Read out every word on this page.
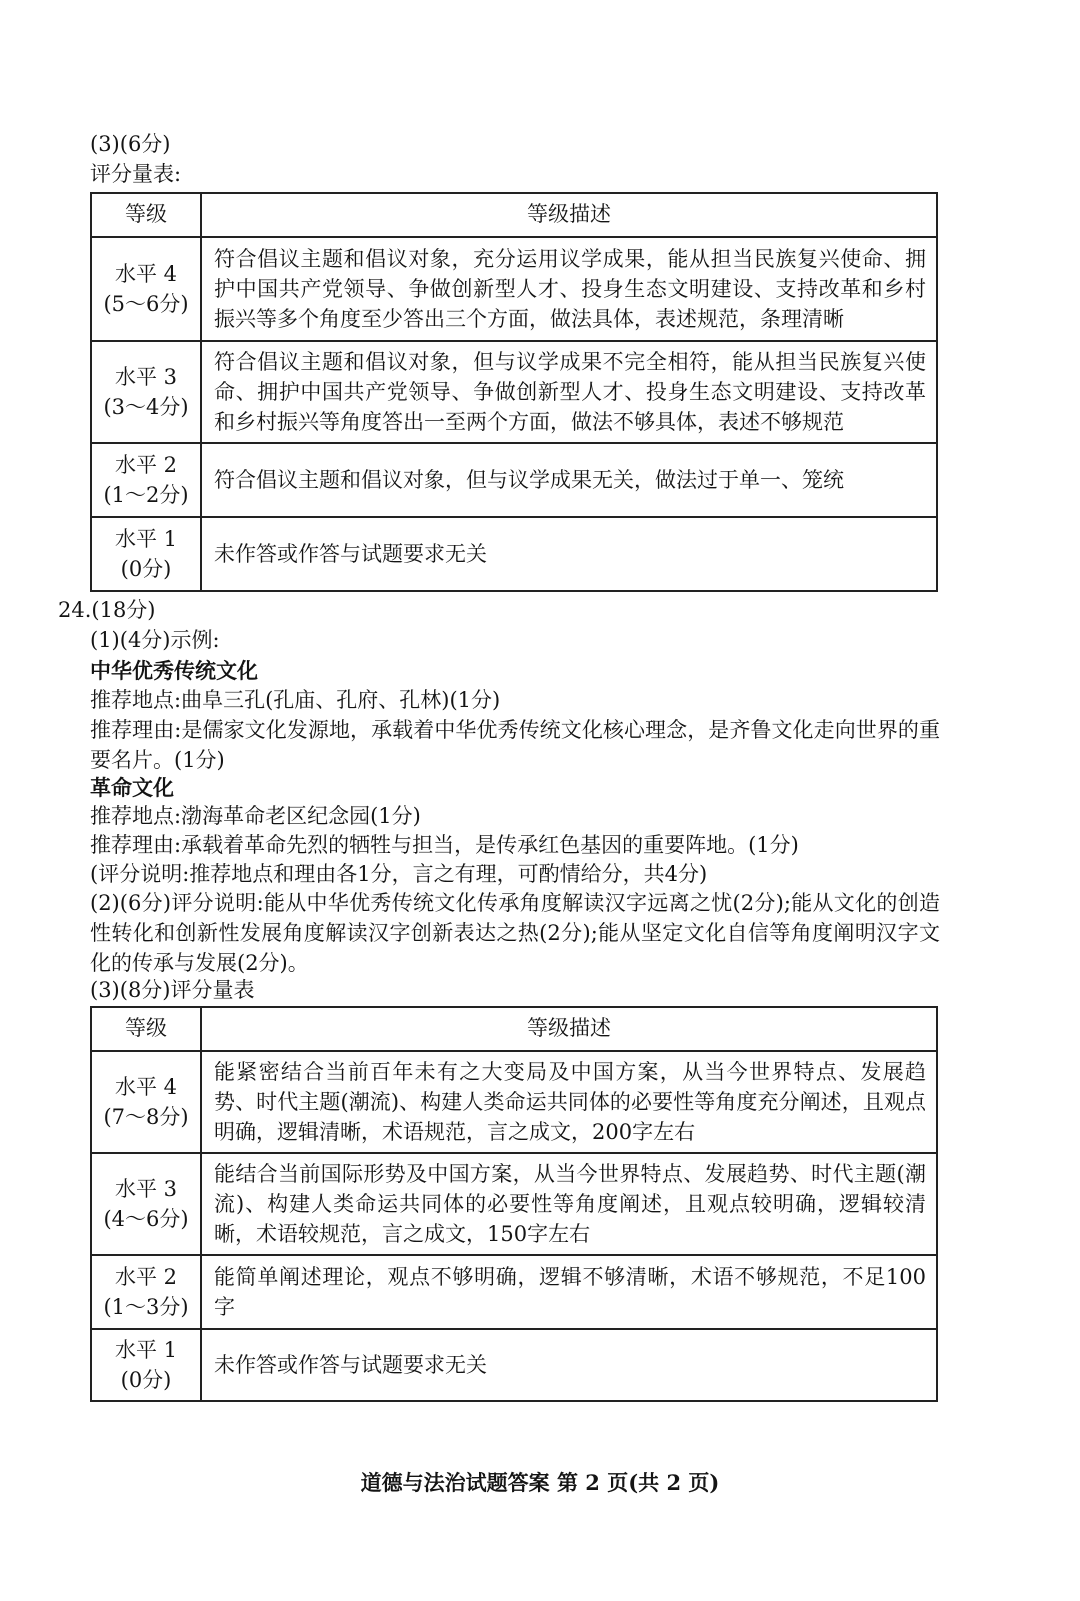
(3)(6分)
评分量表:
等级	等级描述

水平 4
(5～6分)	符合倡议主题和倡议对象，充分运用议学成果，能从担当民族复兴使命、拥护中国共产党领导、争做创新型人才、投身生态文明建设、支持改革和乡村振兴等多个角度至少答出三个方面，做法具体，表述规范，条理清晰

水平 3
(3～4分)	符合倡议主题和倡议对象，但与议学成果不完全相符，能从担当民族复兴使命、拥护中国共产党领导、争做创新型人才、投身生态文明建设、支持改革和乡村振兴等角度答出一至两个方面，做法不够具体，表述不够规范

水平 2
(1～2分)	符合倡议主题和倡议对象，但与议学成果无关，做法过于单一、笼统

水平 1
(0分)	未作答或作答与试题要求无关
24.(18分)
(1)(4分)示例:
中华优秀传统文化
推荐地点:曲阜三孔(孔庙、孔府、孔林)(1分)
推荐理由:是儒家文化发源地，承载着中华优秀传统文化核心理念，是齐鲁文化走向世界的重要名片。(1分)
革命文化
推荐地点:渤海革命老区纪念园(1分)
推荐理由:承载着革命先烈的牺牲与担当，是传承红色基因的重要阵地。(1分)
(评分说明:推荐地点和理由各1分，言之有理，可酌情给分，共4分)
(2)(6分)评分说明:能从中华优秀传统文化传承角度解读汉字远离之忧(2分);能从文化的创造性转化和创新性发展角度解读汉字创新表达之热(2分);能从坚定文化自信等角度阐明汉字文化的传承与发展(2分)。
(3)(8分)评分量表
等级	等级描述

水平 4
(7～8分)	能紧密结合当前百年未有之大变局及中国方案，从当今世界特点、发展趋势、时代主题(潮流)、构建人类命运共同体的必要性等角度充分阐述，且观点明确，逻辑清晰，术语规范，言之成文，200字左右

水平 3
(4～6分)	能结合当前国际形势及中国方案，从当今世界特点、发展趋势、时代主题(潮流)、构建人类命运共同体的必要性等角度阐述，且观点较明确，逻辑较清晰，术语较规范，言之成文，150字左右

水平 2
(1～3分)	能简单阐述理论，观点不够明确，逻辑不够清晰，术语不够规范，不足100字

水平 1
(0分)	未作答或作答与试题要求无关
道德与法治试题答案 第 2 页(共 2 页)
